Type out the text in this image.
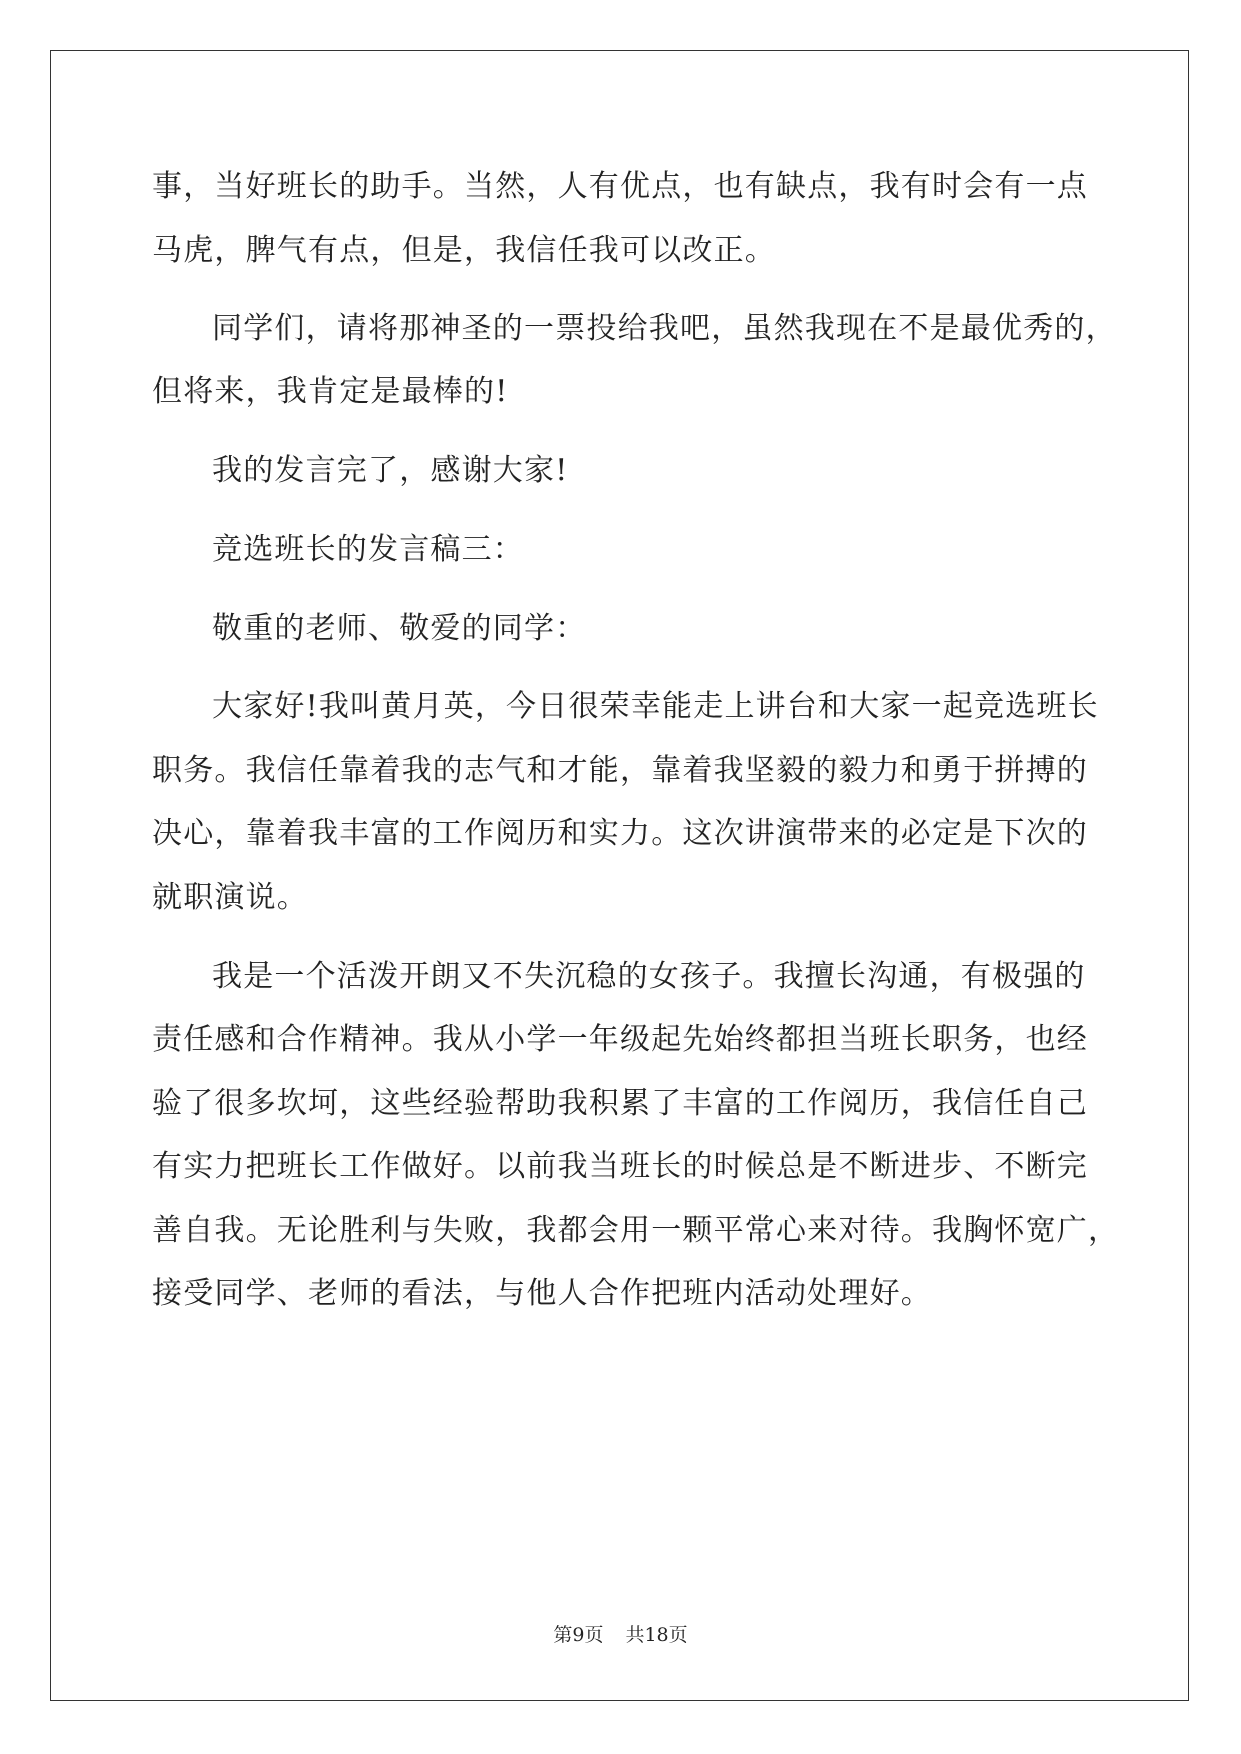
事，当好班长的助手。当然，人有优点，也有缺点，我有时会有一点
马虎，脾气有点，但是，我信任我可以改正。
同学们，请将那神圣的一票投给我吧，虽然我现在不是最优秀的，
但将来，我肯定是最棒的!
我的发言完了，感谢大家!
竞选班长的发言稿三：
敬重的老师、敬爱的同学：
大家好!我叫黄月英，今日很荣幸能走上讲台和大家一起竞选班长
职务。我信任靠着我的志气和才能，靠着我坚毅的毅力和勇于拼搏的
决心，靠着我丰富的工作阅历和实力。这次讲演带来的必定是下次的
就职演说。
我是一个活泼开朗又不失沉稳的女孩子。我擅长沟通，有极强的
责任感和合作精神。我从小学一年级起先始终都担当班长职务，也经
验了很多坎坷，这些经验帮助我积累了丰富的工作阅历，我信任自己
有实力把班长工作做好。以前我当班长的时候总是不断进步、不断完
善自我。无论胜利与失败，我都会用一颗平常心来对待。我胸怀宽广，
接受同学、老师的看法，与他人合作把班内活动处理好。
第9页 共18页
